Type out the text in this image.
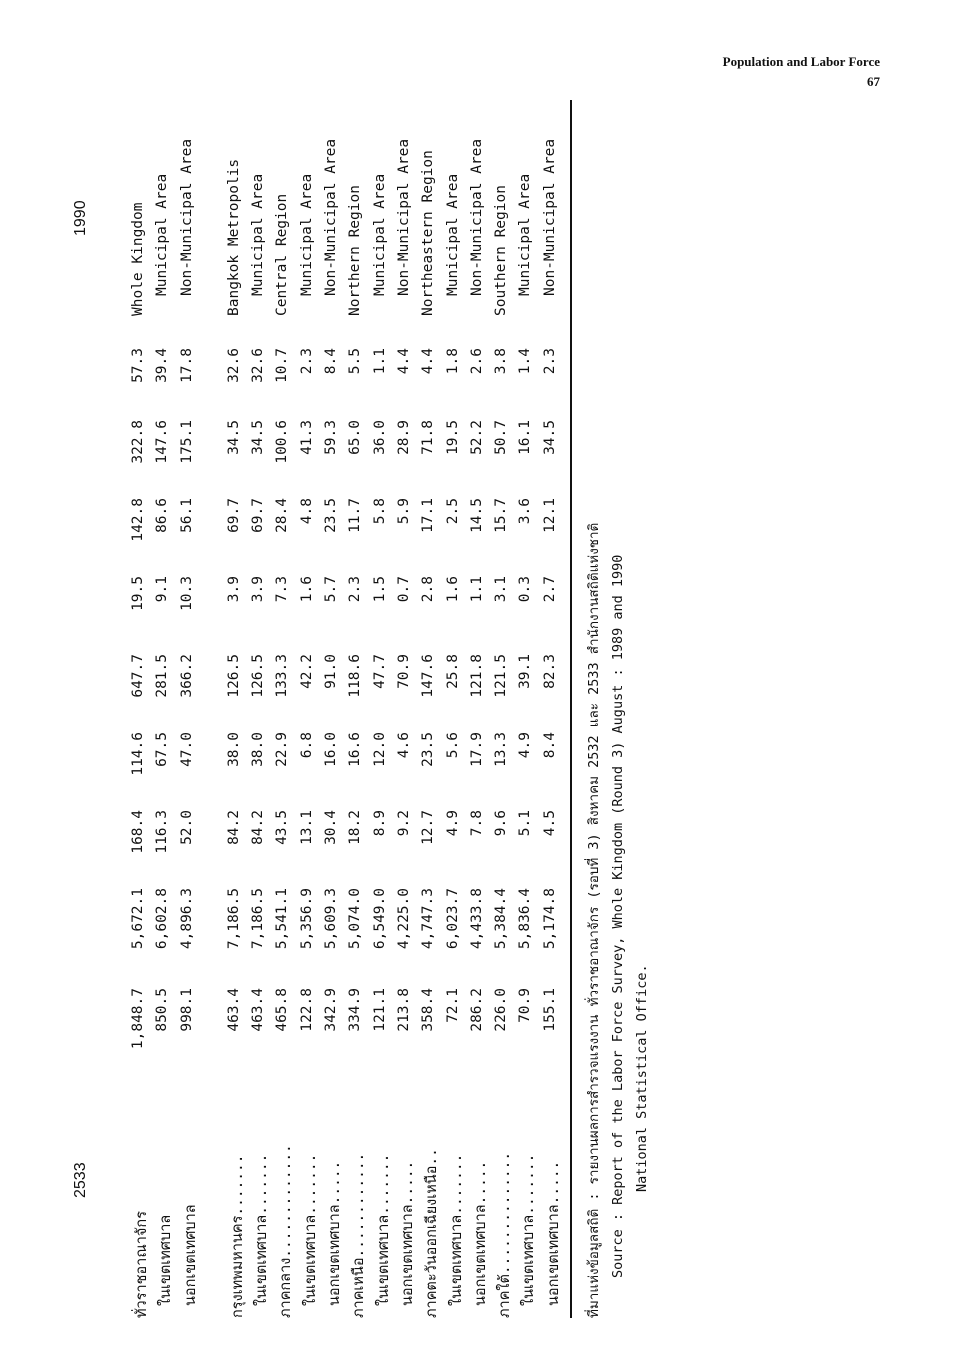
Population and Labor Force
67
2533
1990
ทั่วราชอาณาจักร
1,848.7
5,672.1
168.4
114.6
647.7
19.5
142.8
322.8
57.3
Whole Kingdom
ในเขตเทศบาล
850.5
6,602.8
116.3
67.5
281.5
9.1
86.6
147.6
39.4
Municipal Area
นอกเขตเทศบาล
998.1
4,896.3
52.0
47.0
366.2
10.3
56.1
175.1
17.8
Non-Municipal Area
กรุงเทพมหานคร.......
463.4
7,186.5
84.2
38.0
126.5
3.9
69.7
34.5
32.6
Bangkok Metropolis
ในเขตเทศบาล.......
463.4
7,186.5
84.2
38.0
126.5
3.9
69.7
34.5
32.6
Municipal Area
ภาคกลาง.............
465.8
5,541.1
43.5
22.9
133.3
7.3
28.4
100.6
10.7
Central Region
ในเขตเทศบาล.......
122.8
5,356.9
13.1
6.8
42.2
1.6
4.8
41.3
2.3
Municipal Area
นอกเขตเทศบาล.....
342.9
5,609.3
30.4
16.0
91.0
5.7
23.5
59.3
8.4
Non-Municipal Area
ภาคเหนือ............
334.9
5,074.0
18.2
16.6
118.6
2.3
11.7
65.0
5.5
Northern Region
ในเขตเทศบาล.......
121.1
6,549.0
8.9
12.0
47.7
1.5
5.8
36.0
1.1
Municipal Area
นอกเขตเทศบาล.....
213.8
4,225.0
9.2
4.6
70.9
0.7
5.9
28.9
4.4
Non-Municipal Area
ภาคตะวันออกเฉียงเหนือ..
358.4
4,747.3
12.7
23.5
147.6
2.8
17.1
71.8
4.4
Northeastern Region
ในเขตเทศบาล.......
72.1
6,023.7
4.9
5.6
25.8
1.6
2.5
19.5
1.8
Municipal Area
นอกเขตเทศบาล.....
286.2
4,433.8
7.8
17.9
121.8
1.1
14.5
52.2
2.6
Non-Municipal Area
ภาคใต้..............
226.0
5,384.4
9.6
13.3
121.5
3.1
15.7
50.7
3.8
Southern Region
ในเขตเทศบาล.......
70.9
5,836.4
5.1
4.9
39.1
0.3
3.6
16.1
1.4
Municipal Area
นอกเขตเทศบาล.....
155.1
5,174.8
4.5
8.4
82.3
2.7
12.1
34.5
2.3
Non-Municipal Area
ที่มาแห่งข้อมูลสถิติ : รายงานผลการสำรวจแรงงาน ทั่วราชอาณาจักร (รอบที่ 3) สิงหาคม 2532 และ 2533 สำนักงานสถิติแห่งชาติ Source : Report of the Labor Force Survey, Whole Kingdom (Round 3) August : 1989 and 1990 National Statistical Office.
